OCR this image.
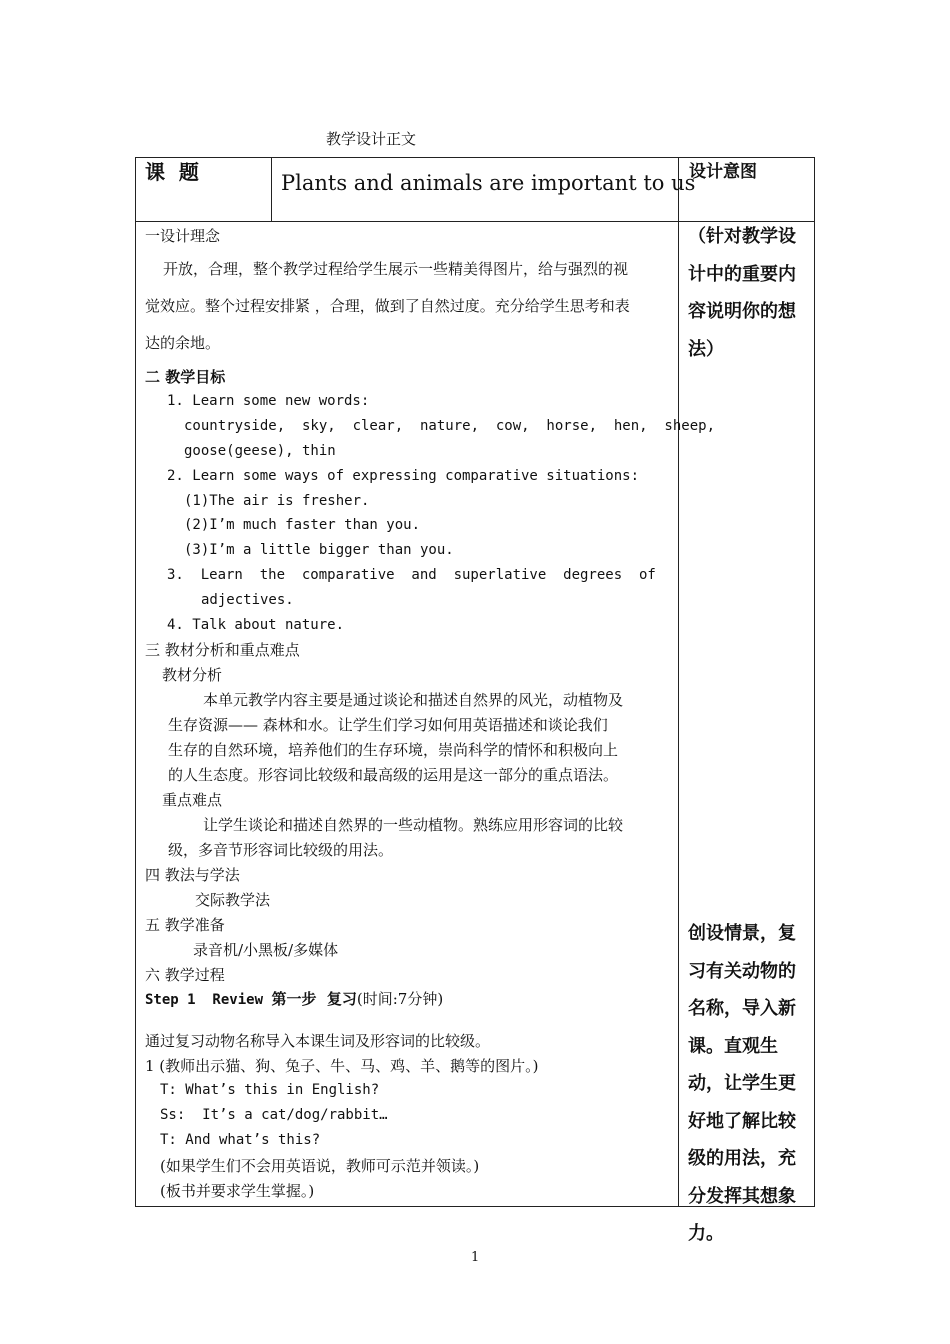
教学设计正文
课  题	Plants and animals are important to us
设计意图
一设计理念
开放，合理，整个教学过程给学生展示一些精美得图片，给与强烈的视
觉效应。整个过程安排紧 ，合理，做到了自然过度。充分给学生思考和表
达的余地。
二 教学目标
1. Learn some new words:
countryside,  sky,  clear,  nature,  cow,  horse,  hen,  sheep,
goose(geese), thin
2. Learn some ways of expressing comparative situations:
(1)The air is fresher.
(2)I’m much faster than you.
(3)I’m a little bigger than you.
3.  Learn  the  comparative  and  superlative  degrees  of
adjectives.
4. Talk about nature.
三 教材分析和重点难点
教材分析
本单元教学内容主要是通过谈论和描述自然界的风光，动植物及
生存资源—— 森林和水。让学生们学习如何用英语描述和谈论我们
生存的自然环境，培养他们的生存环境，崇尚科学的情怀和积极向上
的人生态度。形容词比较级和最高级的运用是这一部分的重点语法。
重点难点
让学生谈论和描述自然界的一些动植物。熟练应用形容词的比较
级，多音节形容词比较级的用法。
四 教法与学法
交际教学法
五 教学准备
录音机/小黑板/多媒体
六 教学过程
Step 1  Review 第一步  复习(时间:7分钟)
通过复习动物名称导入本课生词及形容词的比较级。
1 (教师出示猫、狗、兔子、牛、马、鸡、羊、鹅等的图片。)
T: What’s this in English?
Ss:  It’s a cat/dog/rabbit…
T: And what’s this?
(如果学生们不会用英语说，教师可示范并领读。)
(板书并要求学生掌握。)
（针对教学设计中的重要内容说明你的想法）
创设情景，复习有关动物的名称，导入新课。直观生动，让学生更好地了解比较级的用法，充分发挥其想象力。
1
